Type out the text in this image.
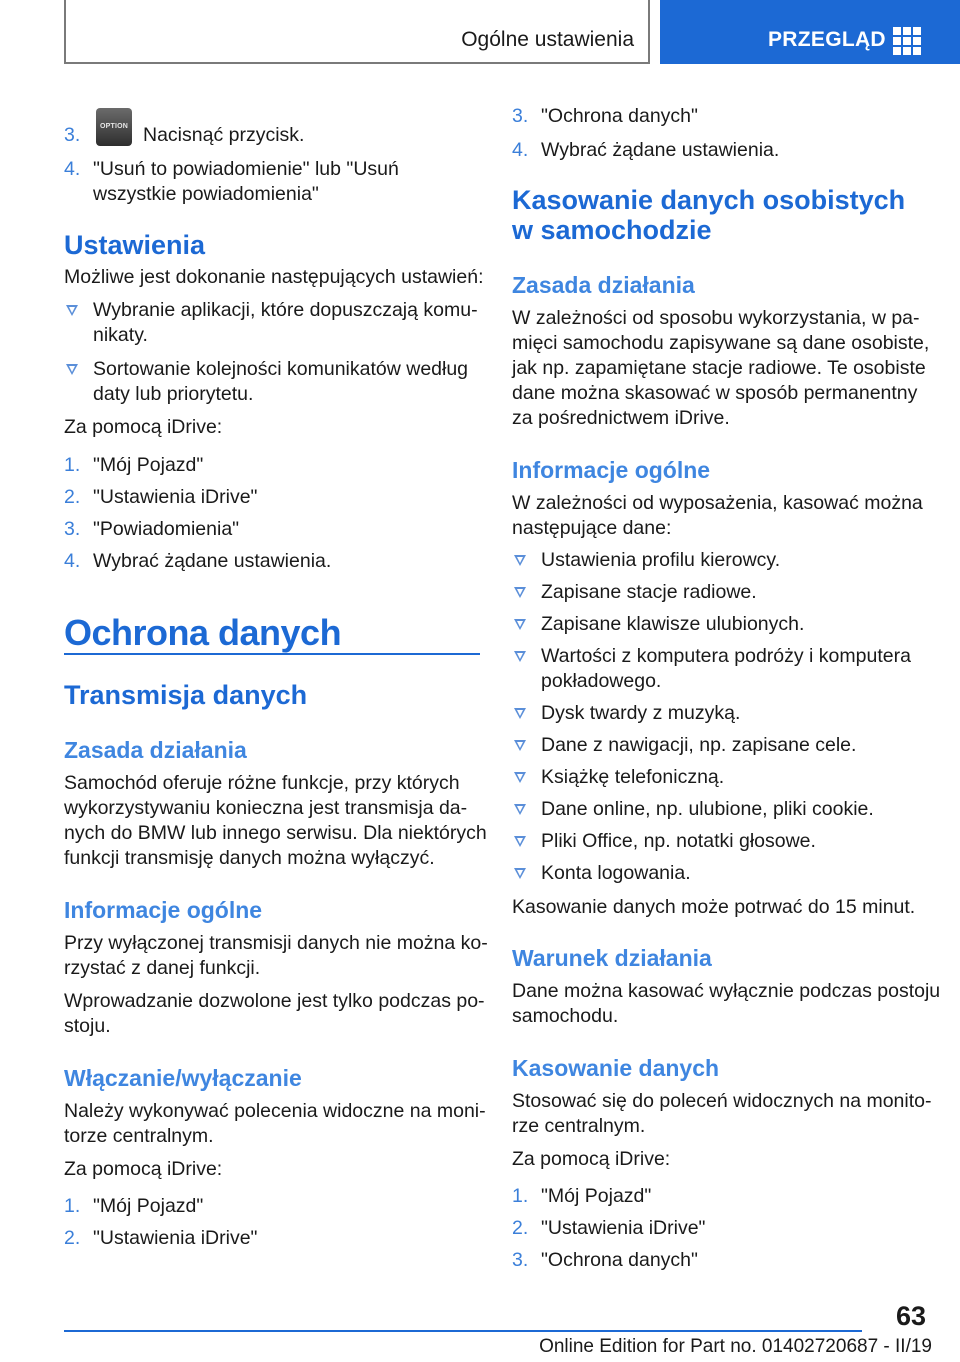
Ogólne ustawienia	PRZEGLĄD
3.	OPTION Nacisnąć przycisk.
4. "Usuń to powiadomienie" lub "Usuń
wszystkie powiadomienia"
Ustawienia
Możliwe jest dokonanie następujących ustawień:
Wybranie aplikacji, które dopuszczają komu-
nikaty.
Sortowanie kolejności komunikatów według
daty lub priorytetu.
Za pomocą iDrive:
1. "Mój Pojazd"
2. "Ustawienia iDrive"
3. "Powiadomienia"
4. Wybrać żądane ustawienia.
Ochrona danych
Transmisja danych
Zasada działania
Samochód oferuje różne funkcje, przy których
wykorzystywaniu konieczna jest transmisja da-
nych do BMW lub innego serwisu. Dla niektórych
funkcji transmisję danych można wyłączyć.
Informacje ogólne
Przy wyłączonej transmisji danych nie można ko-
rzystać z danej funkcji.
Wprowadzanie dozwolone jest tylko podczas po-
stoju.
Włączanie/wyłączanie
Należy wykonywać polecenia widoczne na moni-
torze centralnym.
Za pomocą iDrive:
1. "Mój Pojazd"
2. "Ustawienia iDrive"
3. "Ochrona danych"
4. Wybrać żądane ustawienia.
Kasowanie danych osobistych
w samochodzie
Zasada działania
W zależności od sposobu wykorzystania, w pa-
mięci samochodu zapisywane są dane osobiste,
jak np. zapamiętane stacje radiowe. Te osobiste
dane można skasować w sposób permanentny
za pośrednictwem iDrive.
Informacje ogólne
W zależności od wyposażenia, kasować można
następujące dane:
Ustawienia profilu kierowcy.
Zapisane stacje radiowe.
Zapisane klawisze ulubionych.
Wartości z komputera podróży i komputera
pokładowego.
Dysk twardy z muzyką.
Dane z nawigacji, np. zapisane cele.
Książkę telefoniczną.
Dane online, np. ulubione, pliki cookie.
Pliki Office, np. notatki głosowe.
Konta logowania.
Kasowanie danych może potrwać do 15 minut.
Warunek działania
Dane można kasować wyłącznie podczas postoju
samochodu.
Kasowanie danych
Stosować się do poleceń widocznych na monito-
rze centralnym.
Za pomocą iDrive:
1. "Mój Pojazd"
2. "Ustawienia iDrive"
3. "Ochrona danych"
63
Online Edition for Part no. 01402720687 - II/19
